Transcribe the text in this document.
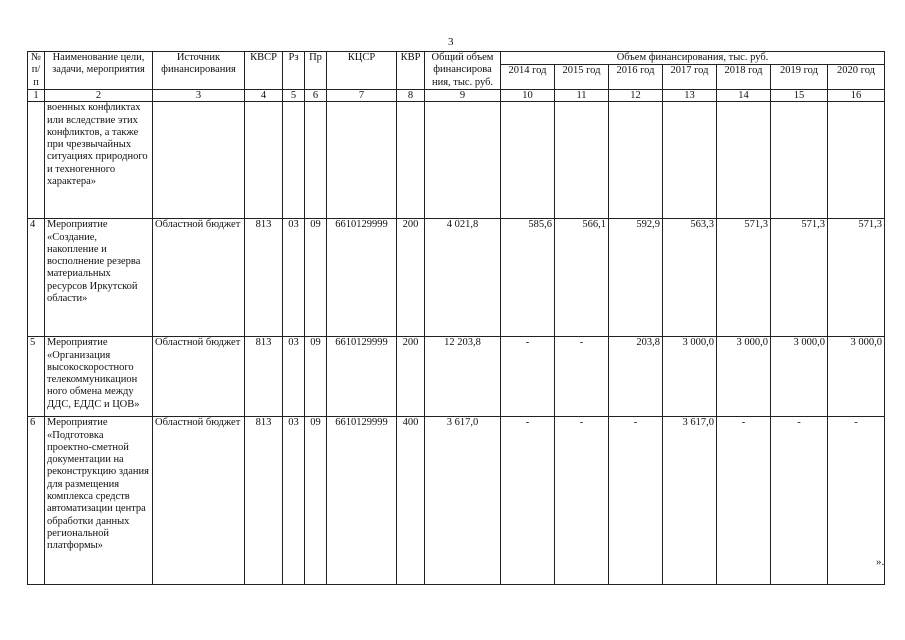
3
№ п/п	Наименование цели, задачи, мероприятия	Источник финансирования	КВСР	Рз	Пр	КЦСР	КВР	Общий объем финансирова ния, тыс. руб.	Объем финансирования, тыс. руб.						
									2014 год	2015 год	2016 год	2017 год	2018 год	2019 год	2020 год
1	2	3	4	5	6	7	8	9	10	11	12	13	14	15	16
	военных конфликтах или вследствие этих конфликтов, а также при чрезвычайных ситуациях природного и техногенного характера»														
4	Мероприятие «Создание, накопление и восполнение резерва материальных ресурсов Иркутской области»	Областной бюджет	813	03	09	6610129999	200	4 021,8	585,6	566,1	592,9	563,3	571,3	571,3	571,3
5	Мероприятие «Организация высокоскоростного телекоммуникацион ного обмена между ДДС, ЕДДС и ЦОВ»	Областной бюджет	813	03	09	6610129999	200	12 203,8	-	-	203,8	3 000,0	3 000,0	3 000,0	3 000,0
6	Мероприятие «Подготовка проектно-сметной документации на реконструкцию здания для размещения комплекса средств автоматизации центра обработки данных региональной платформы»	Областной бюджет	813	03	09	6610129999	400	3 617,0	-	-	-	3 617,0	-	-	-
».
